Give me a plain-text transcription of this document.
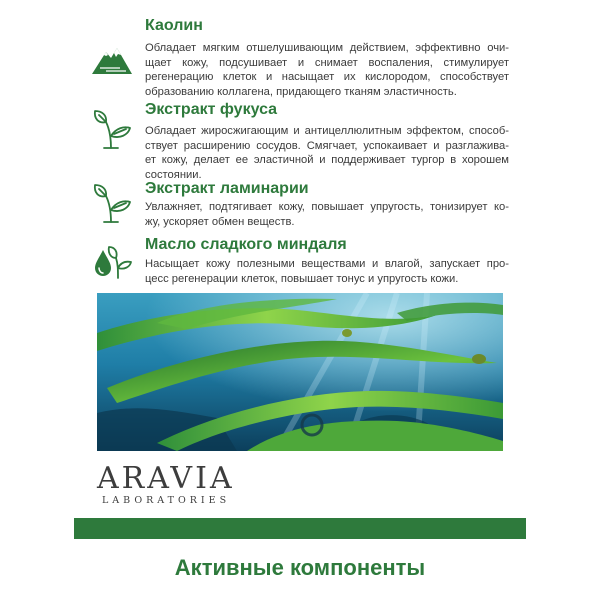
Каолин

Обладает мягким отшелушивающим действием, эффективно очи-
щает кожу, подсушивает и снимает воспаления, стимулирует
регенерацию клеток и насыщает их кислородом, способствует
образованию коллагена, придающего тканям эластичность.

Экстракт фукуса

Обладает жиросжигающим и антицеллюлитным эффектом, способ-
ствует расширению сосудов. Смягчает, успокаивает и разглажива-
ет кожу, делает ее эластичной и поддерживает тургор в хорошем
состоянии.

Экстракт ламинарии

Увлажняет, подтягивает кожу, повышает упругость, тонизирует ко-
жу, ускоряет обмен веществ.

Масло сладкого миндаля

Насыщает кожу полезными веществами и влагой, запускает про-
цесс регенерации клеток, повышает тонус и упругость кожи.

ARAVIA
LABORATORIES
Активные компоненты
